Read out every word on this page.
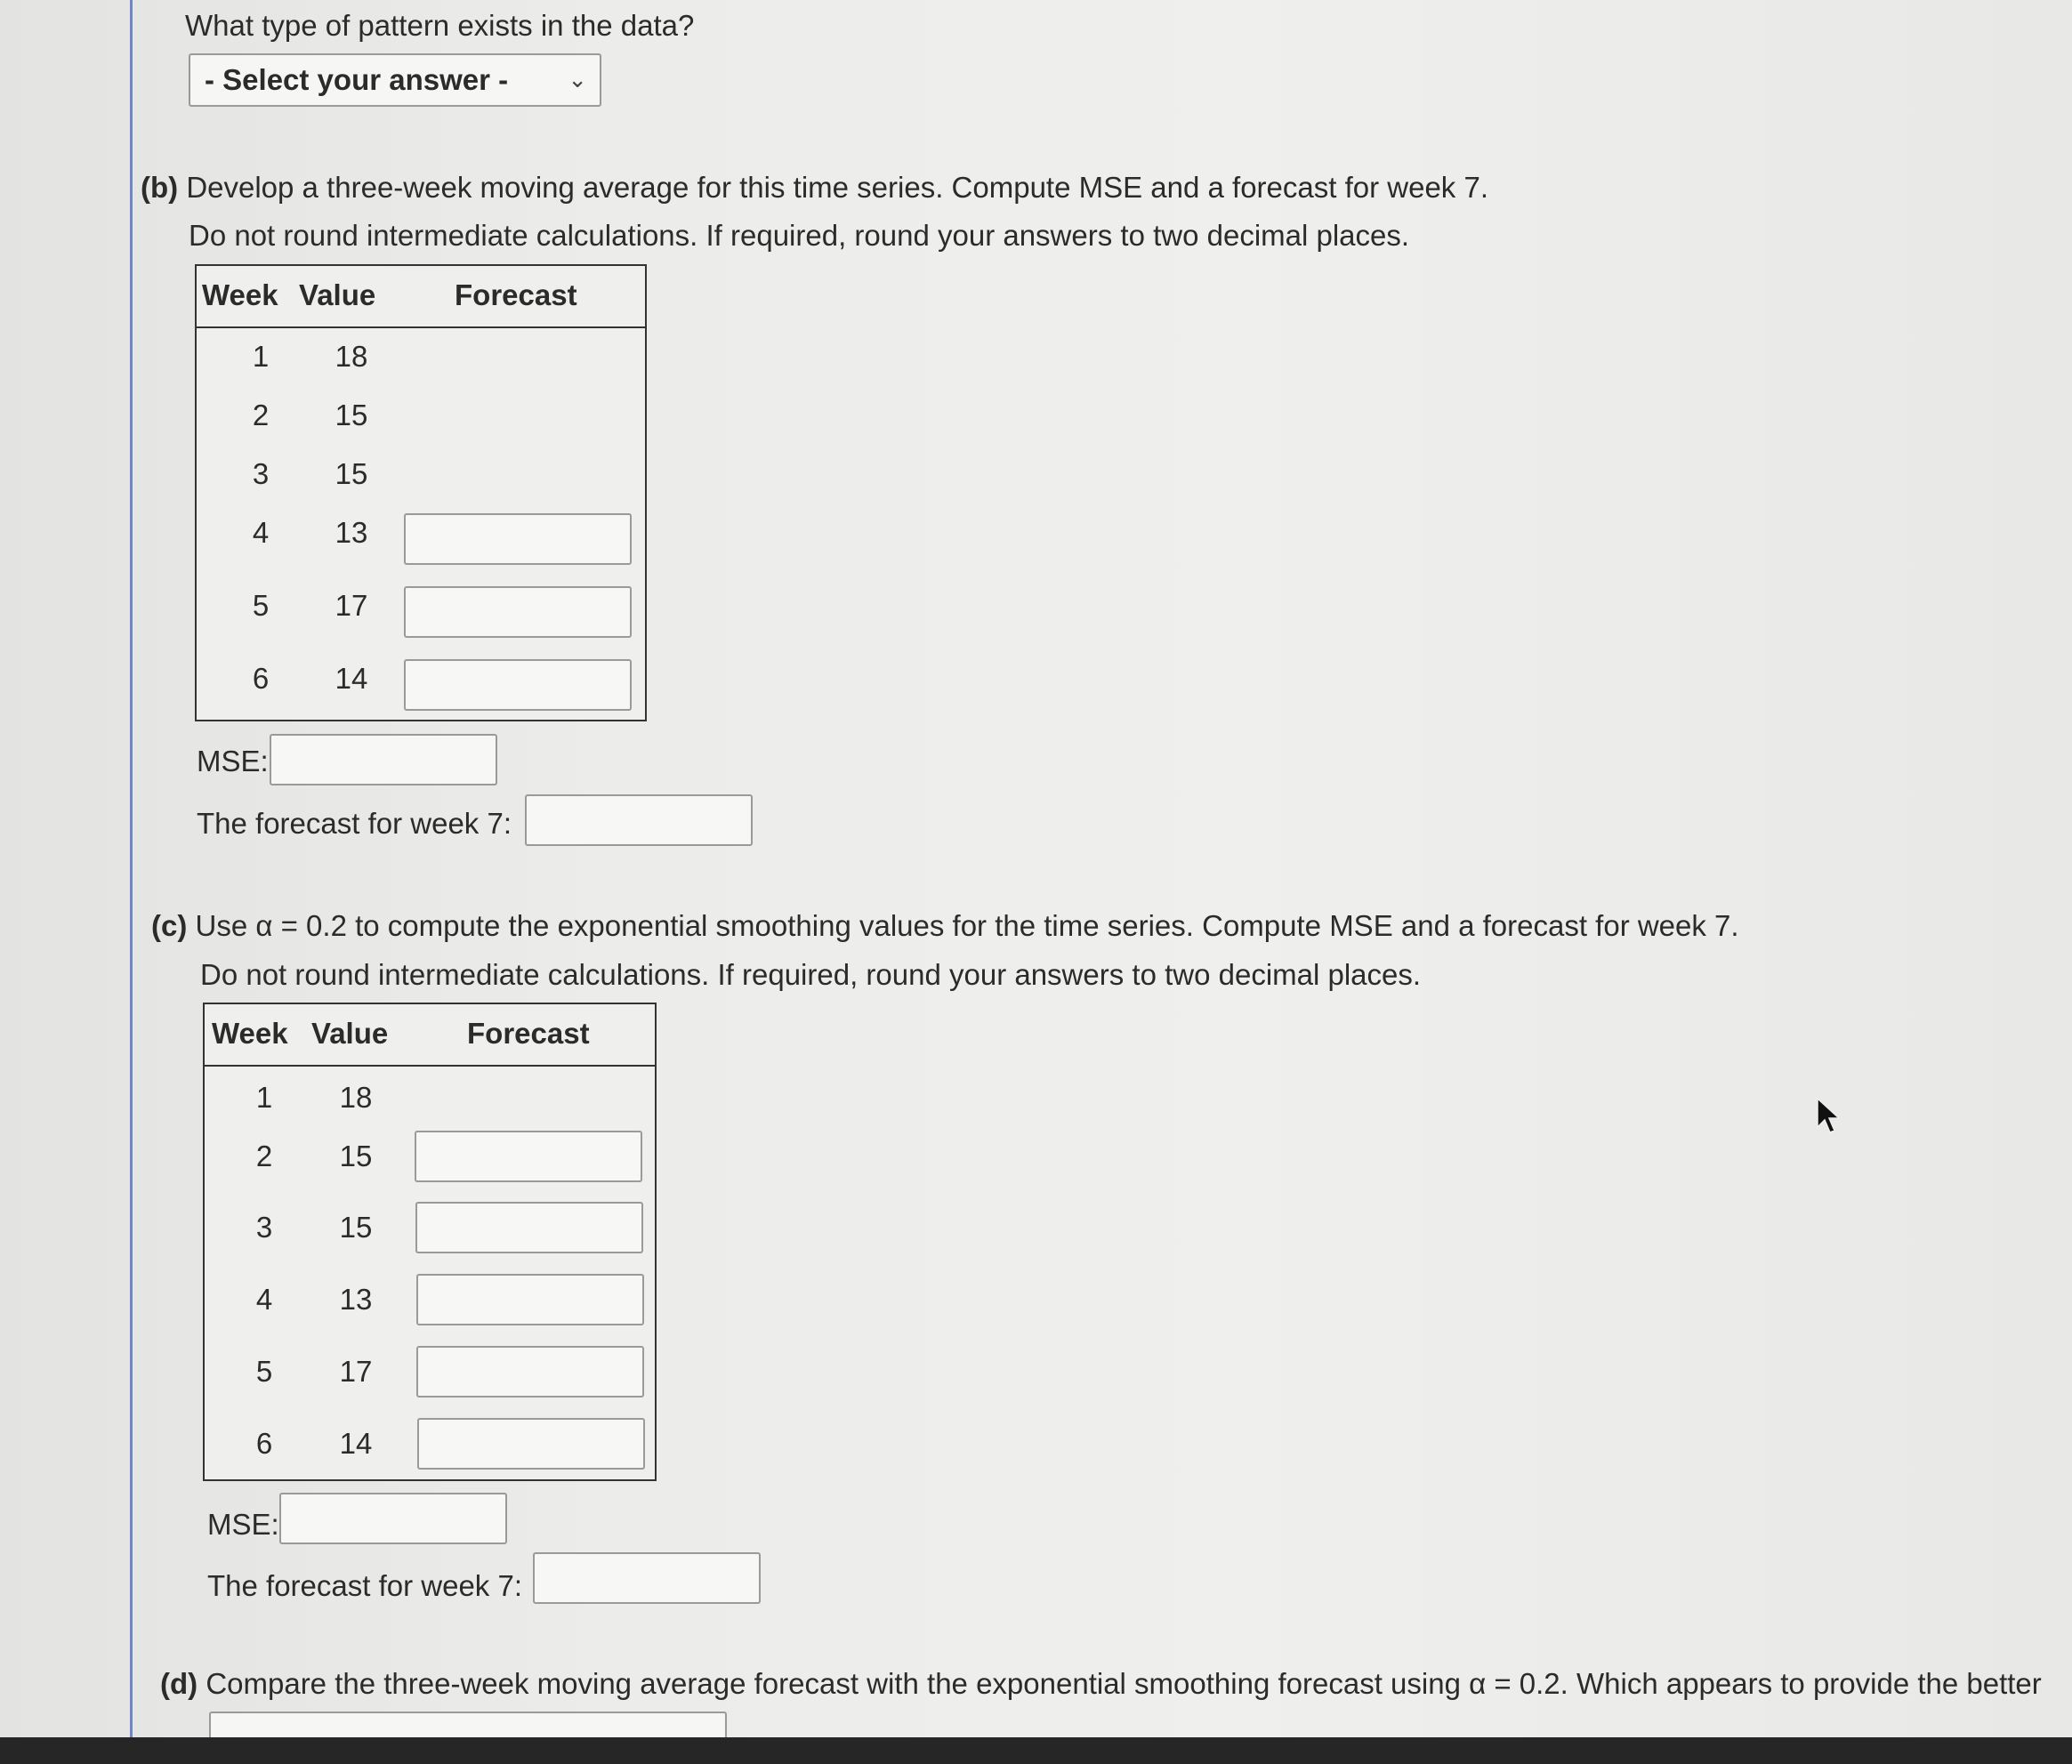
What type of pattern exists in the data?
- Select your answer -	⌄
(b) Develop a three-week moving average for this time series. Compute MSE and a forecast for week 7.
Do not round intermediate calculations. If required, round your answers to two decimal places.
Week Value	Forecast
1	18
2	15
3	15
4	13
5	17
6	14
MSE:
The forecast for week 7:
(c) Use α = 0.2 to compute the exponential smoothing values for the time series. Compute MSE and a forecast for week 7.
Do not round intermediate calculations. If required, round your answers to two decimal places.
Week Value	Forecast
1	18
2	15
3	15
4	13
5	17
6	14
MSE:
The forecast for week 7:
(d) Compare the three-week moving average forecast with the exponential smoothing forecast using α = 0.2. Which appears to provide the better
